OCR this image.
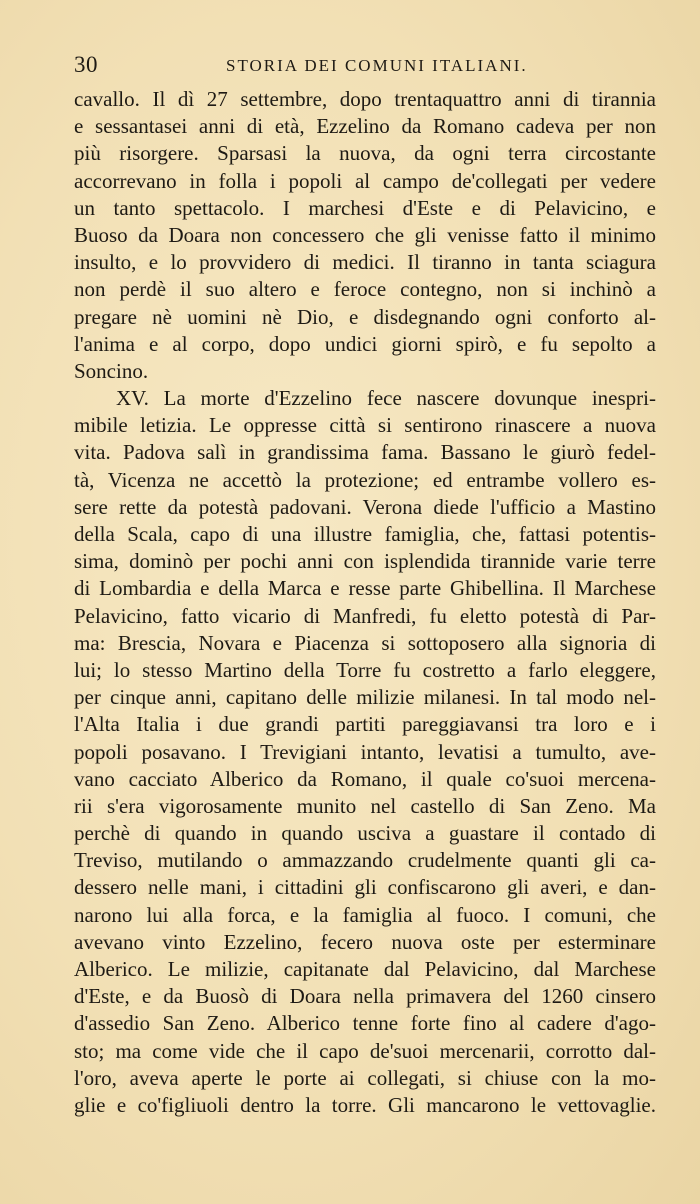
30	STORIA DEI COMUNI ITALIANI.
cavallo. Il dì 27 settembre, dopo trentaquattro anni di tirannia
e sessantasei anni di età, Ezzelino da Romano cadeva per non
più risorgere. Sparsasi la nuova, da ogni terra circostante
accorrevano in folla i popoli al campo de'collegati per vedere
un tanto spettacolo. I marchesi d'Este e di Pelavicino, e
Buoso da Doara non concessero che gli venisse fatto il minimo
insulto, e lo provvidero di medici. Il tiranno in tanta sciagura
non perdè il suo altero e feroce contegno, non si inchinò a
pregare nè uomini nè Dio, e disdegnando ogni conforto al-
l'anima e al corpo, dopo undici giorni spirò, e fu sepolto a
Soncino.
XV. La morte d'Ezzelino fece nascere dovunque inespri-
mibile letizia. Le oppresse città si sentirono rinascere a nuova
vita. Padova salì in grandissima fama. Bassano le giurò fedel-
tà, Vicenza ne accettò la protezione; ed entrambe vollero es-
sere rette da potestà padovani. Verona diede l'ufficio a Mastino
della Scala, capo di una illustre famiglia, che, fattasi potentis-
sima, dominò per pochi anni con isplendida tirannide varie terre
di Lombardia e della Marca e resse parte Ghibellina. Il Marchese
Pelavicino, fatto vicario di Manfredi, fu eletto potestà di Par-
ma: Brescia, Novara e Piacenza si sottoposero alla signoria di
lui; lo stesso Martino della Torre fu costretto a farlo eleggere,
per cinque anni, capitano delle milizie milanesi. In tal modo nel-
l'Alta Italia i due grandi partiti pareggiavansi tra loro e i
popoli posavano. I Trevigiani intanto, levatisi a tumulto, ave-
vano cacciato Alberico da Romano, il quale co'suoi mercena-
rii s'era vigorosamente munito nel castello di San Zeno. Ma
perchè di quando in quando usciva a guastare il contado di
Treviso, mutilando o ammazzando crudelmente quanti gli ca-
dessero nelle mani, i cittadini gli confiscarono gli averi, e dan-
narono lui alla forca, e la famiglia al fuoco. I comuni, che
avevano vinto Ezzelino, fecero nuova oste per esterminare
Alberico. Le milizie, capitanate dal Pelavicino, dal Marchese
d'Este, e da Buosò di Doara nella primavera del 1260 cinsero
d'assedio San Zeno. Alberico tenne forte fino al cadere d'ago-
sto; ma come vide che il capo de'suoi mercenarii, corrotto dal-
l'oro, aveva aperte le porte ai collegati, si chiuse con la mo-
glie e co'figliuoli dentro la torre. Gli mancarono le vettovaglie.
